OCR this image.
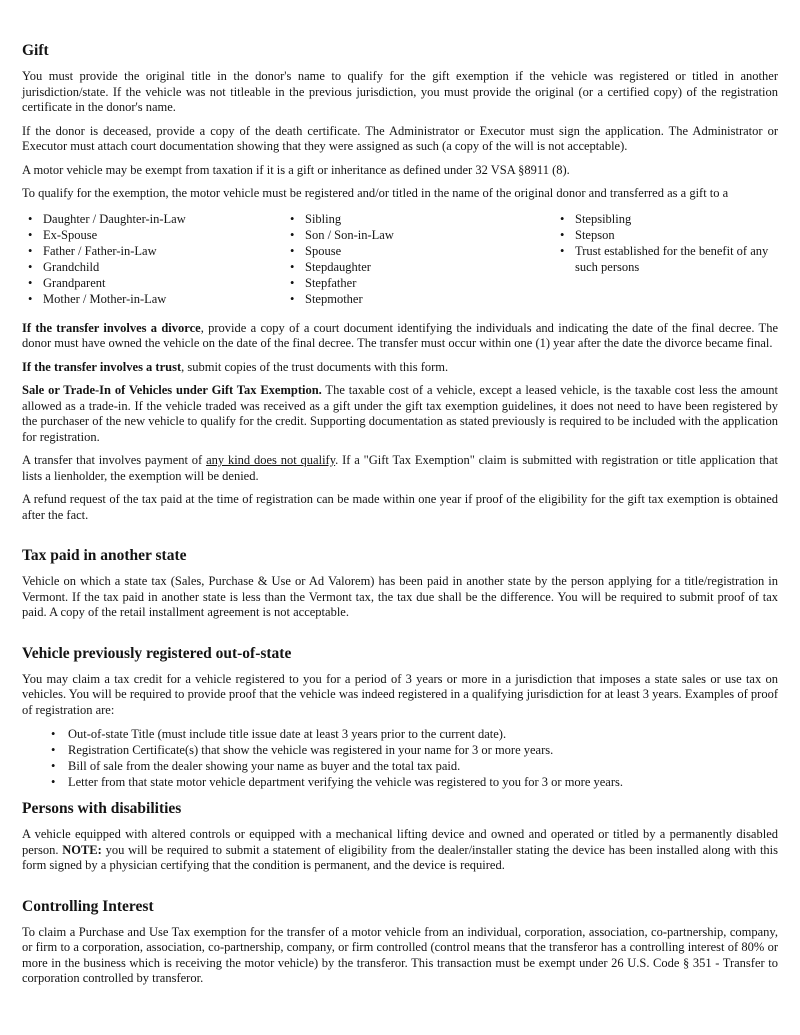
Gift

You must provide the original title in the donor's name to qualify for the gift exemption if the vehicle was registered or titled in another jurisdiction/state. If the vehicle was not titleable in the previous jurisdiction, you must provide the original (or a certified copy) of the registration certificate in the donor's name.

If the donor is deceased, provide a copy of the death certificate. The Administrator or Executor must sign the application. The Administrator or Executor must attach court documentation showing that they were assigned as such (a copy of the will is not acceptable).

A motor vehicle may be exempt from taxation if it is a gift or inheritance as defined under 32 VSA §8911 (8).

To qualify for the exemption, the motor vehicle must be registered and/or titled in the name of the original donor and transferred as a gift to a

• Daughter / Daughter-in-Law
• Ex-Spouse
• Father / Father-in-Law
• Grandchild
• Grandparent
• Mother / Mother-in-Law
• Sibling
• Son / Son-in-Law
• Spouse
• Stepdaughter
• Stepfather
• Stepmother
• Stepsibling
• Stepson
• Trust established for the benefit of any such persons

If the transfer involves a divorce, provide a copy of a court document identifying the individuals and indicating the date of the final decree. The donor must have owned the vehicle on the date of the final decree. The transfer must occur within one (1) year after the date the divorce became final.

If the transfer involves a trust, submit copies of the trust documents with this form.

Sale or Trade-In of Vehicles under Gift Tax Exemption. The taxable cost of a vehicle, except a leased vehicle, is the taxable cost less the amount allowed as a trade-in. If the vehicle traded was received as a gift under the gift tax exemption guidelines, it does not need to have been registered by the purchaser of the new vehicle to qualify for the credit. Supporting documentation as stated previously is required to be included with the application for registration.

A transfer that involves payment of any kind does not qualify. If a "Gift Tax Exemption" claim is submitted with registration or title application that lists a lienholder, the exemption will be denied.

A refund request of the tax paid at the time of registration can be made within one year if proof of the eligibility for the gift tax exemption is obtained after the fact.

Tax paid in another state

Vehicle on which a state tax (Sales, Purchase & Use or Ad Valorem) has been paid in another state by the person applying for a title/registration in Vermont. If the tax paid in another state is less than the Vermont tax, the tax due shall be the difference. You will be required to submit proof of tax paid. A copy of the retail installment agreement is not acceptable.

Vehicle previously registered out-of-state

You may claim a tax credit for a vehicle registered to you for a period of 3 years or more in a jurisdiction that imposes a state sales or use tax on vehicles. You will be required to provide proof that the vehicle was indeed registered in a qualifying jurisdiction for at least 3 years. Examples of proof of registration are:

• Out-of-state Title (must include title issue date at least 3 years prior to the current date).
• Registration Certificate(s) that show the vehicle was registered in your name for 3 or more years.
• Bill of sale from the dealer showing your name as buyer and the total tax paid.
• Letter from that state motor vehicle department verifying the vehicle was registered to you for 3 or more years.
Persons with disabilities

A vehicle equipped with altered controls or equipped with a mechanical lifting device and owned and operated or titled by a permanently disabled person. NOTE: you will be required to submit a statement of eligibility from the dealer/installer stating the device has been installed along with this form signed by a physician certifying that the condition is permanent, and the device is required.

Controlling Interest

To claim a Purchase and Use Tax exemption for the transfer of a motor vehicle from an individual, corporation, association, co-partnership, company, or firm to a corporation, association, co-partnership, company, or firm controlled (control means that the transferor has a controlling interest of 80% or more in the business which is receiving the motor vehicle) by the transferor. This transaction must be exempt under 26 U.S. Code § 351 - Transfer to corporation controlled by transferor.
